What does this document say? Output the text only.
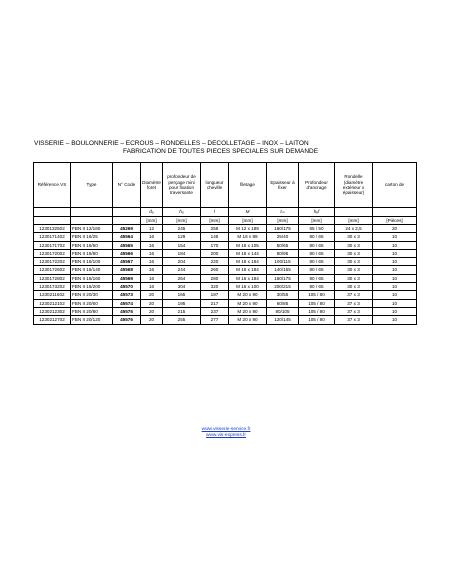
VISSERIE – BOULONNERIE – ECROUS – RONDELLES – DECOLLETAGE – INOX – LAITON
FABRICATION DE TOUTES PIECES SPECIALES SUR DEMANDE
Référence VS	Type	N° Code	Diamètre foret	profondeur de perçage mini pour fixation traversante	longueur cheville	filetage	Epaisseur à fixer	Profondeur d'ancrage	Rondelle (diamètre extérieur x épaisseur)	carton de
			d₀	h₀	l	M	tₘ	hₑf		
			[mm]	[mm]	[mm]	[mm]	[mm]	[mm]	[mm]	[Pièces]
1230132502	FBN II 12/160	45269	12	245	256	M 12 x 189	160/175	65 / 50	24 x 2,5	20
1230171402	FBN II 16/25	45564	16	129	145	M 16 x 89	25/40	80 / 65	30 x 3	10
1230171702	FBN II 16/50	45565	16	154	170	M 16 x 105	50/65	80 / 65	30 x 3	10
1230172002	FBN II 16/80	45566	16	184	200	M 16 x 144	80/95	80 / 65	30 x 3	10
1230172202	FBN II 16/100	45567	16	204	220	M 16 x 164	100/115	80 / 65	30 x 3	10
1230172602	FBN II 16/140	45568	16	244	260	M 16 x 184	140/155	80 / 65	30 x 3	10
1230172802	FBN II 16/160	45569	16	264	280	M 16 x 184	160/175	80 / 65	30 x 3	10
1230173202	FBN II 16/200	45570	16	304	320	M 16 x 100	200/215	80 / 65	30 x 3	10
1230211602	FBN II 20/30	45573	20	165	187	M 20 x 90	30/55	105 / 80	37 x 3	10
1230212102	FBN II 20/60	45574	20	195	217	M 20 x 90	60/85	105 / 80	37 x 3	10
1230212302	FBN II 20/80	45575	20	215	237	M 20 x 90	80/105	105 / 80	37 x 3	10
1230212702	FBN II 20/120	45576	20	255	277	M 20 x 90	120/145	105 / 80	37 x 3	10
www.visserie-service.fr
www.vis-express.fr
